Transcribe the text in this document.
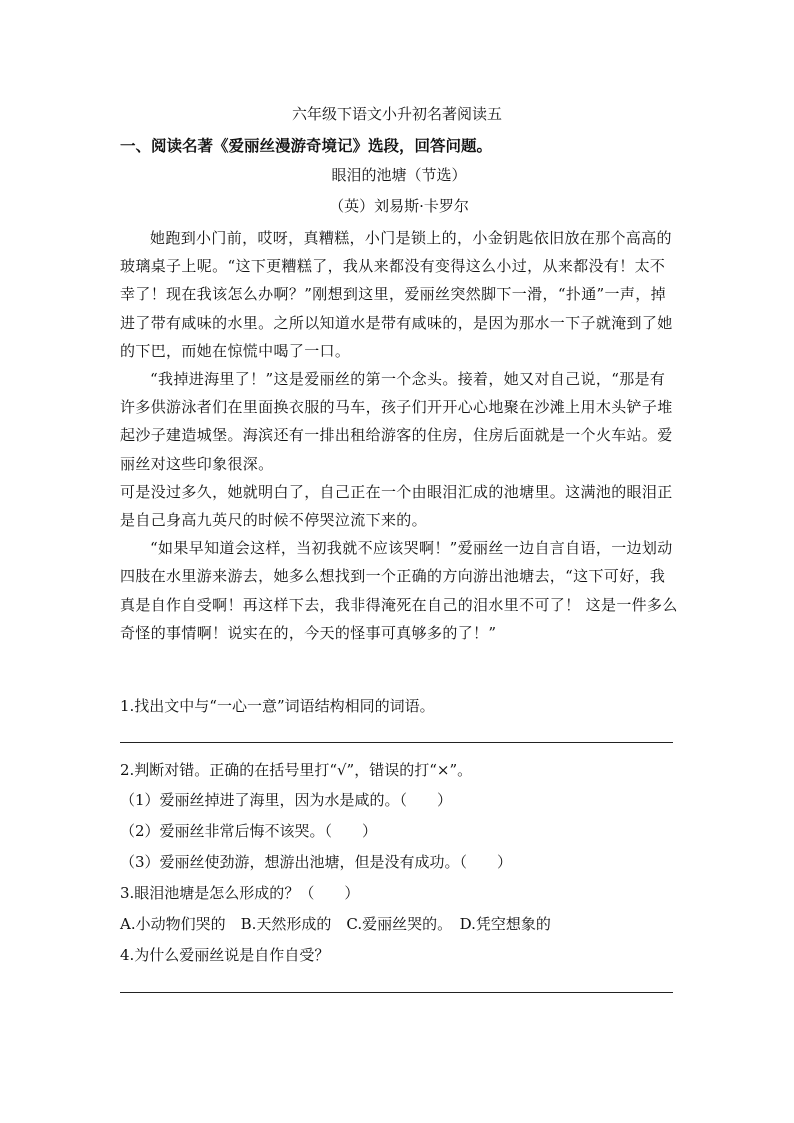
六年级下语文小升初名著阅读五
一、阅读名著《爱丽丝漫游奇境记》选段，回答问题。
眼泪的池塘（节选）
（英）刘易斯·卡罗尔

她跑到小门前，哎呀，真糟糕，小门是锁上的，小金钥匙依旧放在那个高高的玻璃桌子上呢。“这下更糟糕了，我从来都没有变得这么小过，从来都没有！太不幸了！现在我该怎么办啊？”刚想到这里，爱丽丝突然脚下一滑，“扑通”一声，掉进了带有咸味的水里。之所以知道水是带有咸味的，是因为那水一下子就淹到了她的下巴，而她在惊慌中喝了一口。

“我掉进海里了！”这是爱丽丝的第一个念头。接着，她又对自己说，“那是有许多供游泳者们在里面换衣服的马车，孩子们开开心心地聚在沙滩上用木头铲子堆起沙子建造城堡。海滨还有一排出租给游客的住房，住房后面就是一个火车站。爱丽丝对这些印象很深。

可是没过多久，她就明白了，自己正在一个由眼泪汇成的池塘里。这满池的眼泪正是自己身高九英尺的时候不停哭泣流下来的。

“如果早知道会这样，当初我就不应该哭啊！”爱丽丝一边自言自语，一边划动四肢在水里游来游去，她多么想找到一个正确的方向游出池塘去，“这下可好，我真是自作自受啊！再这样下去，我非得淹死在自己的泪水里不可了！ 这是一件多么奇怪的事情啊！说实在的，今天的怪事可真够多的了！”

1.找出文中与“一心一意”词语结构相同的词语。
2.判断对错。正确的在括号里打“√”，错误的打“×”。
（1）爱丽丝掉进了海里，因为水是咸的。（　　）
（2）爱丽丝非常后悔不该哭。（　　）
（3）爱丽丝使劲游，想游出池塘，但是没有成功。（　　）
3.眼泪池塘是怎么形成的？（　　）
A.小动物们哭的　B.天然形成的　C.爱丽丝哭的。　D.凭空想象的
4.为什么爱丽丝说是自作自受？
